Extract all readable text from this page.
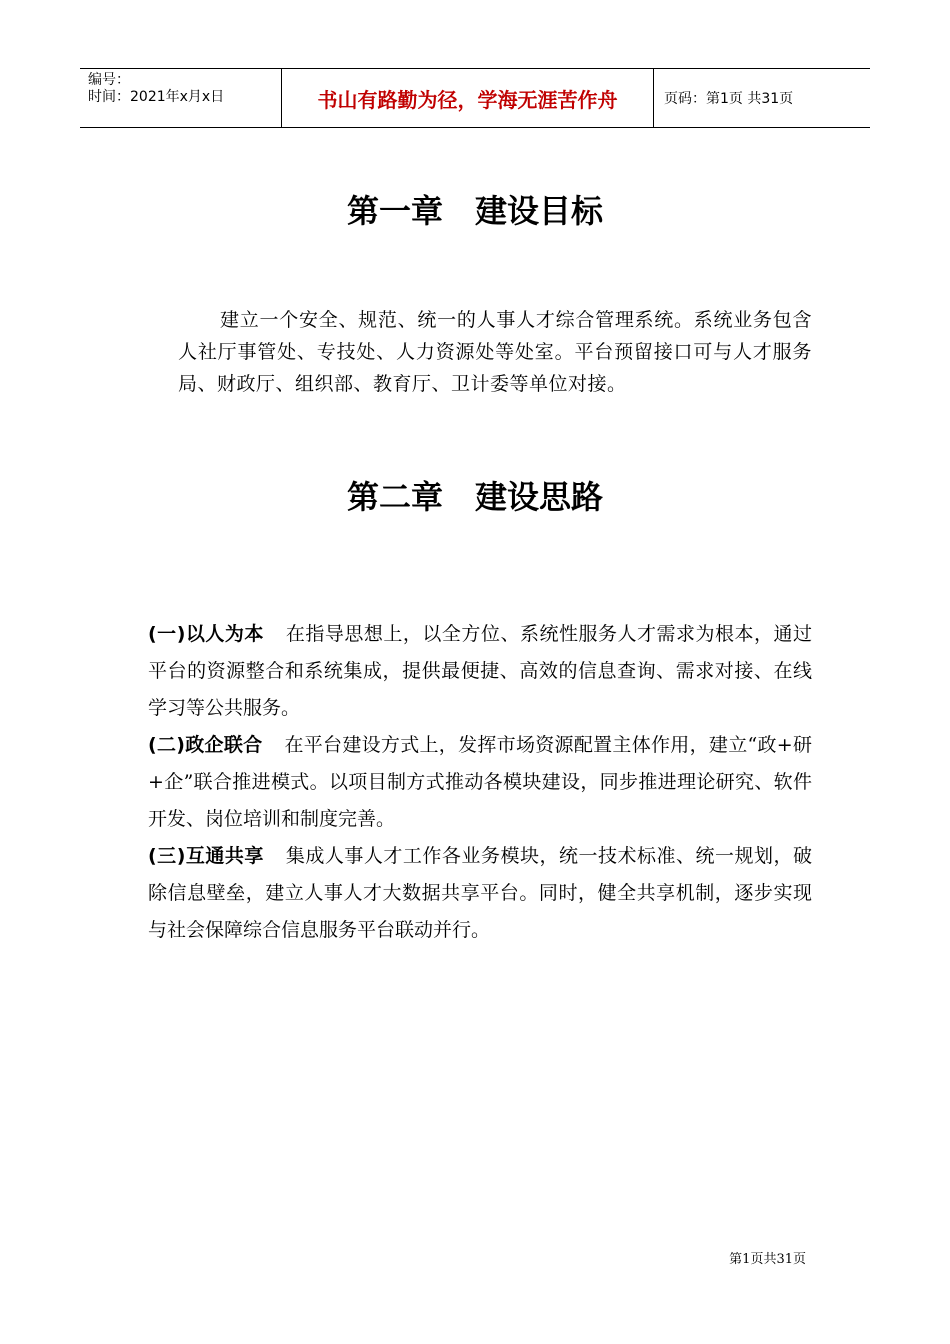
编号：
时间：2021年x月x日	书山有路勤为径，学海无涯苦作舟	页码：第1页 共31页
第一章　建设目标

建立一个安全、规范、统一的人事人才综合管理系统。系统业务包含人社厅事管处、专技处、人力资源处等处室。平台预留接口可与人才服务局、财政厅、组织部、教育厅、卫计委等单位对接。

第二章　建设思路

(一)以人为本 在指导思想上，以全方位、系统性服务人才需求为根本，通过平台的资源整合和系统集成，提供最便捷、高效的信息查询、需求对接、在线学习等公共服务。

(二)政企联合 在平台建设方式上，发挥市场资源配置主体作用，建立“政+研+企”联合推进模式。以项目制方式推动各模块建设，同步推进理论研究、软件开发、岗位培训和制度完善。

(三)互通共享 集成人事人才工作各业务模块，统一技术标准、统一规划，破除信息壁垒，建立人事人才大数据共享平台。同时，健全共享机制，逐步实现与社会保障综合信息服务平台联动并行。

第1页共31页
